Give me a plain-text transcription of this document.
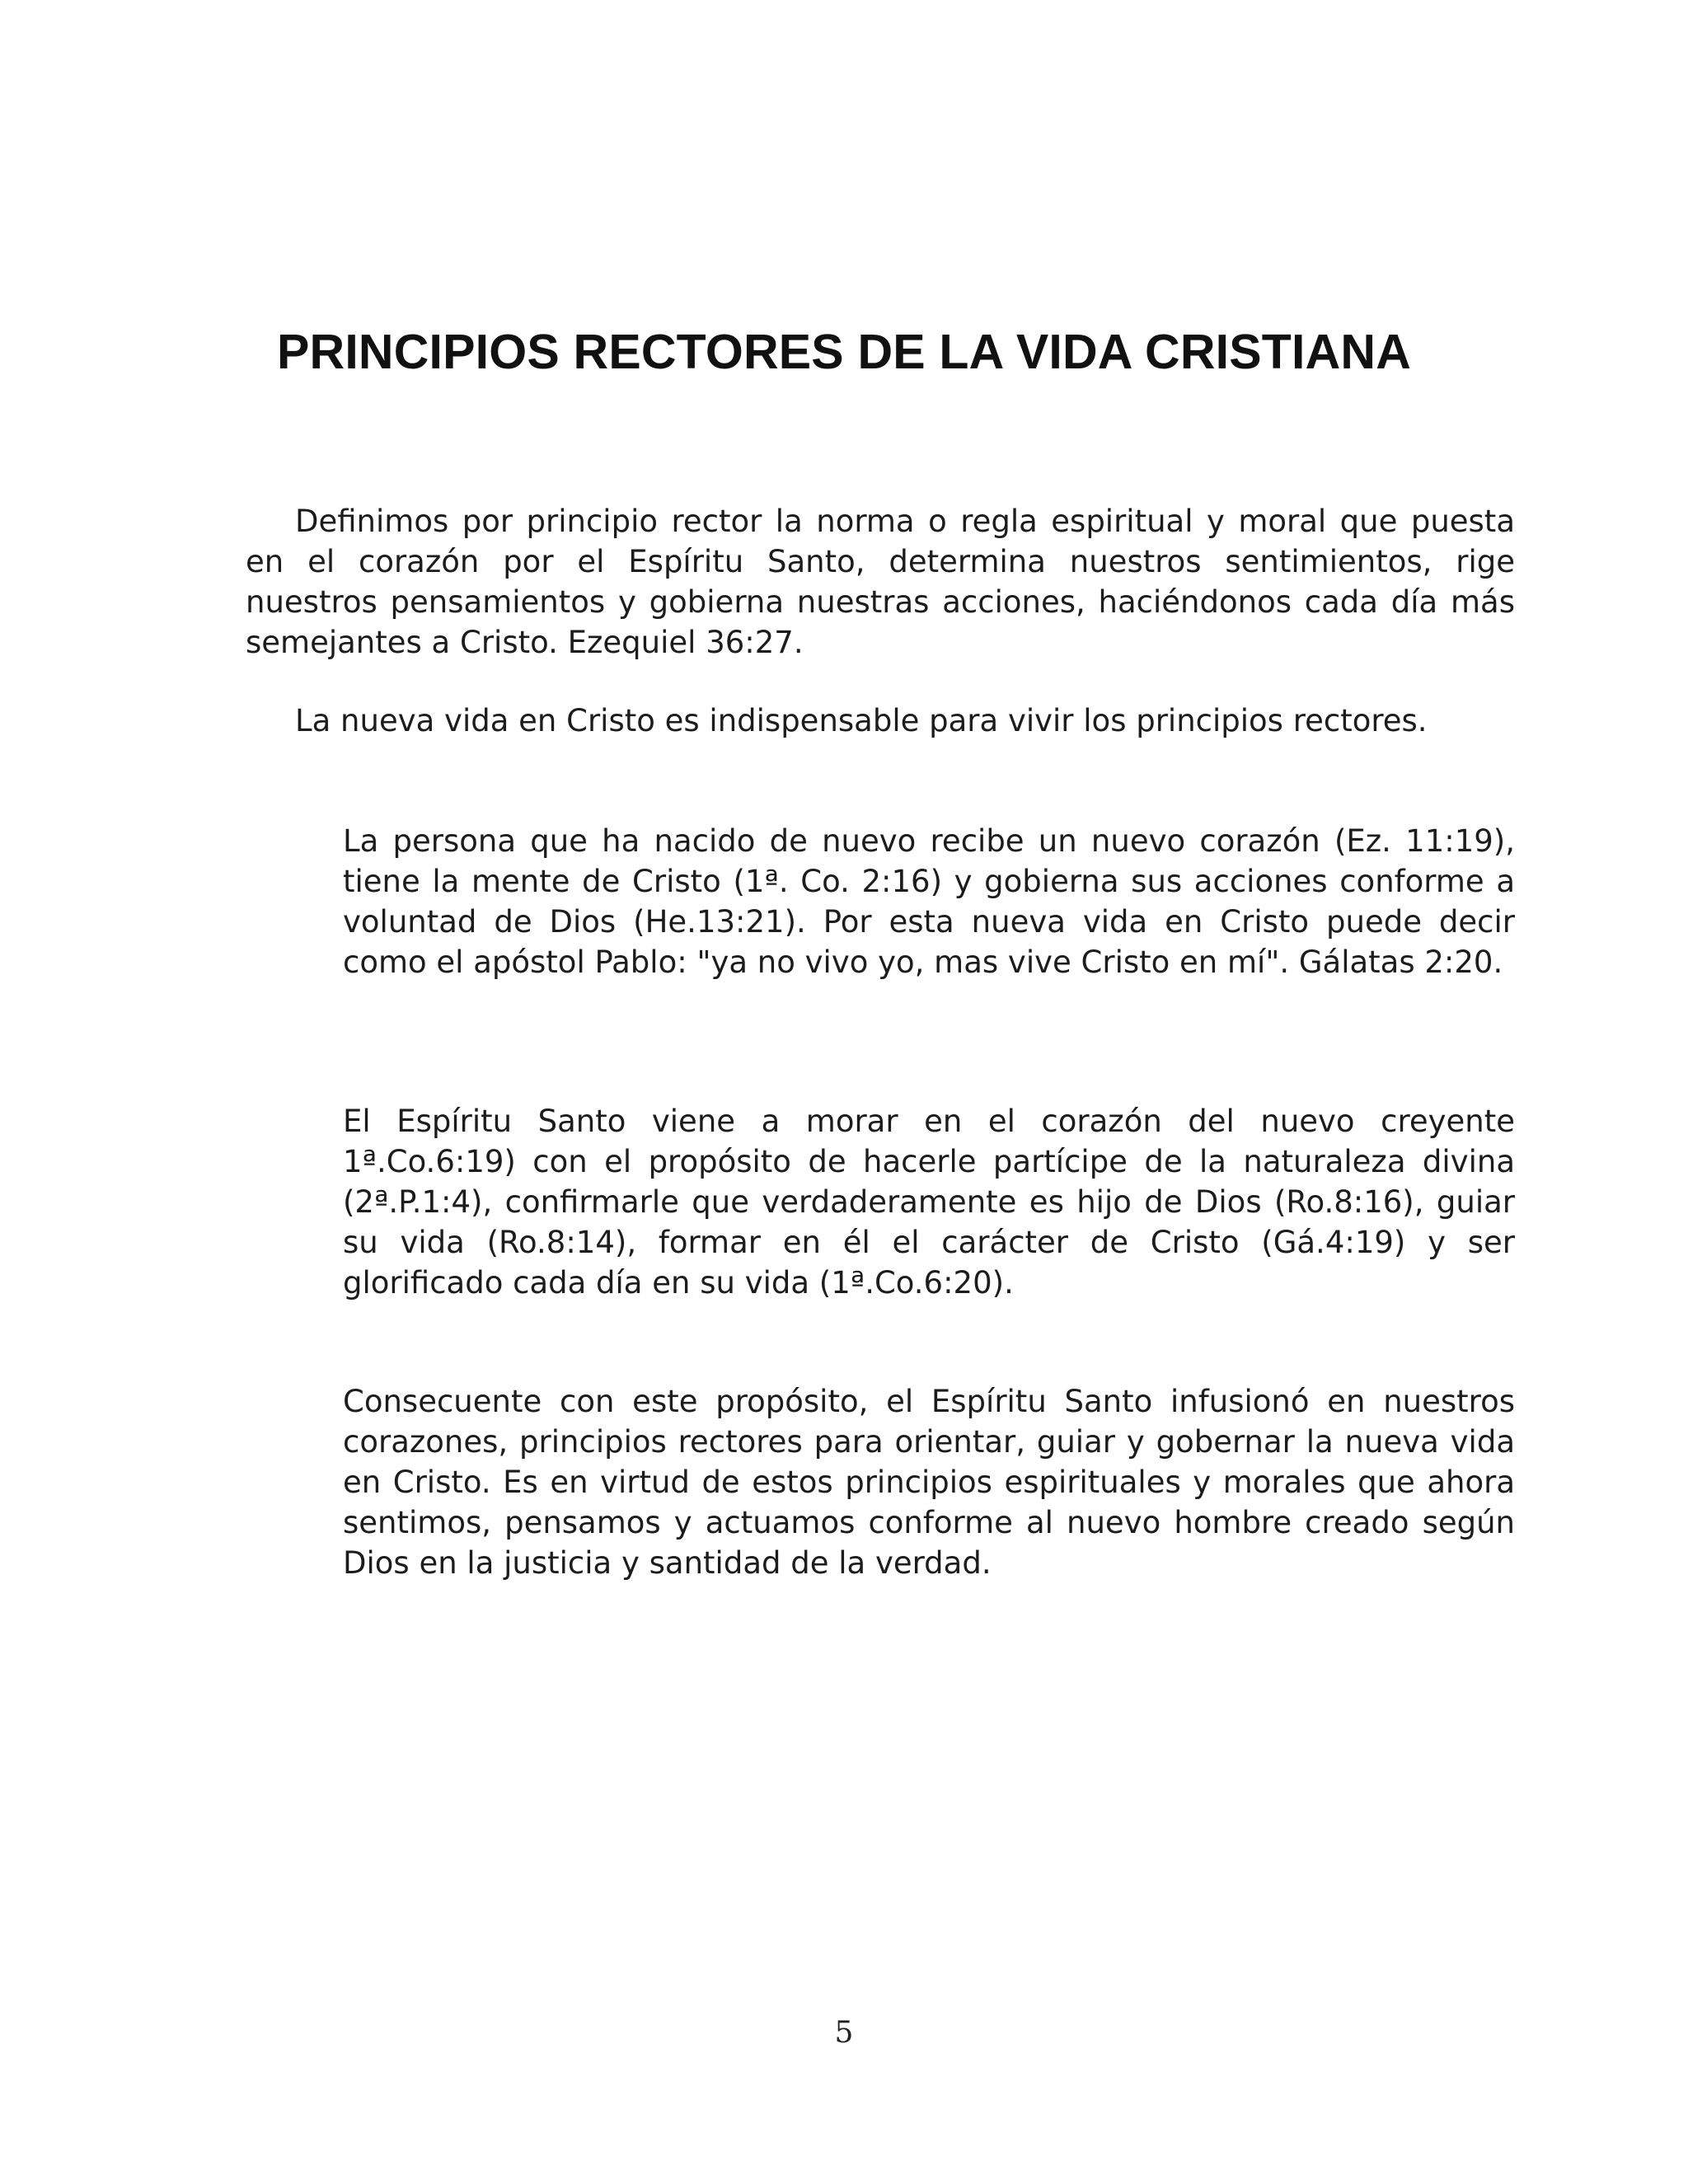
PRINCIPIOS RECTORES DE LA VIDA CRISTIANA

Definimos por principio rector la norma o regla espiritual y moral que puesta en el corazón por el Espíritu Santo, determina nuestros sentimientos, rige nuestros pensamientos y gobierna nuestras acciones, haciéndonos cada día más semejantes a Cristo. Ezequiel 36:27.

La nueva vida en Cristo es indispensable para vivir los principios rectores.

La persona que ha nacido de nuevo recibe un nuevo corazón (Ez. 11:19), tiene la mente de Cristo (1ª. Co. 2:16) y gobierna sus acciones conforme a voluntad de Dios (He.13:21). Por esta nueva vida en Cristo puede decir como el apóstol Pablo: "ya no vivo yo, mas vive Cristo en mí". Gálatas 2:20.

El Espíritu Santo viene a morar en el corazón del nuevo creyente 1ª.Co.6:19) con el propósito de hacerle partícipe de la naturaleza divina (2ª.P.1:4), confirmarle que verdaderamente es hijo de Dios (Ro.8:16), guiar su vida (Ro.8:14), formar en él el carácter de Cristo (Gá.4:19) y ser glorificado cada día en su vida (1ª.Co.6:20).

Consecuente con este propósito, el Espíritu Santo infusionó en nuestros corazones, principios rectores para orientar, guiar y gobernar la nueva vida en Cristo. Es en virtud de estos principios espirituales y morales que ahora sentimos, pensamos y actuamos conforme al nuevo hombre creado según Dios en la justicia y santidad de la verdad.

5
